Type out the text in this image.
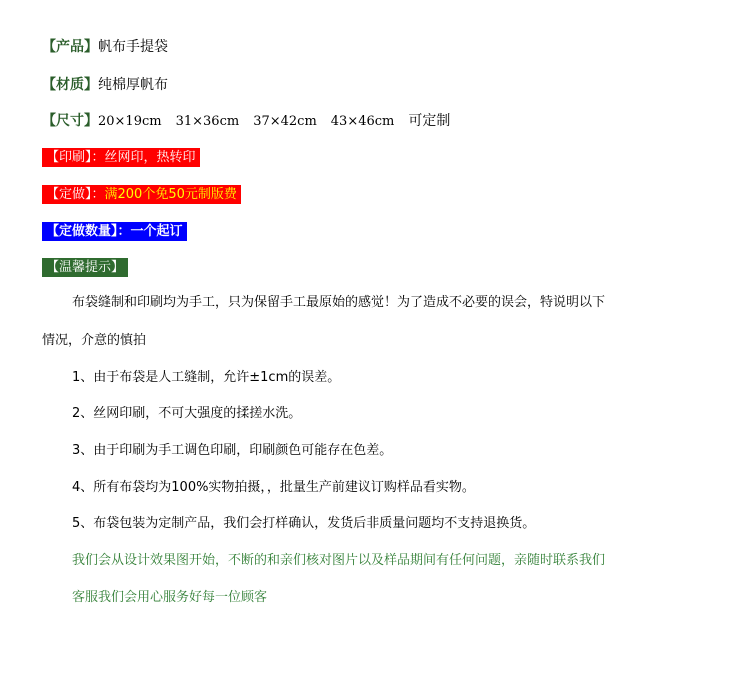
【产品】帆布手提袋
【材质】纯棉厚帆布
【尺寸】20×19cm 31×36cm 37×42cm 43×46cm 可定制
【印刷】：丝网印，热转印
【定做】：满200个免50元制版费
【定做数量】：一个起订
【温馨提示】
布袋缝制和印刷均为手工，只为保留手工最原始的感觉！为了造成不必要的误会，特说明以下
情况，介意的慎拍
1、由于布袋是人工缝制，允许±1cm的误差。
2、丝网印刷，不可大强度的揉搓水洗。
3、由于印刷为手工调色印刷，印刷颜色可能存在色差。
4、所有布袋均为100%实物拍摄，，批量生产前建议订购样品看实物。
5、布袋包装为定制产品，我们会打样确认，发货后非质量问题均不支持退换货。
我们会从设计效果图开始，不断的和亲们核对图片以及样品期间有任何问题，亲随时联系我们
客服我们会用心服务好每一位顾客
